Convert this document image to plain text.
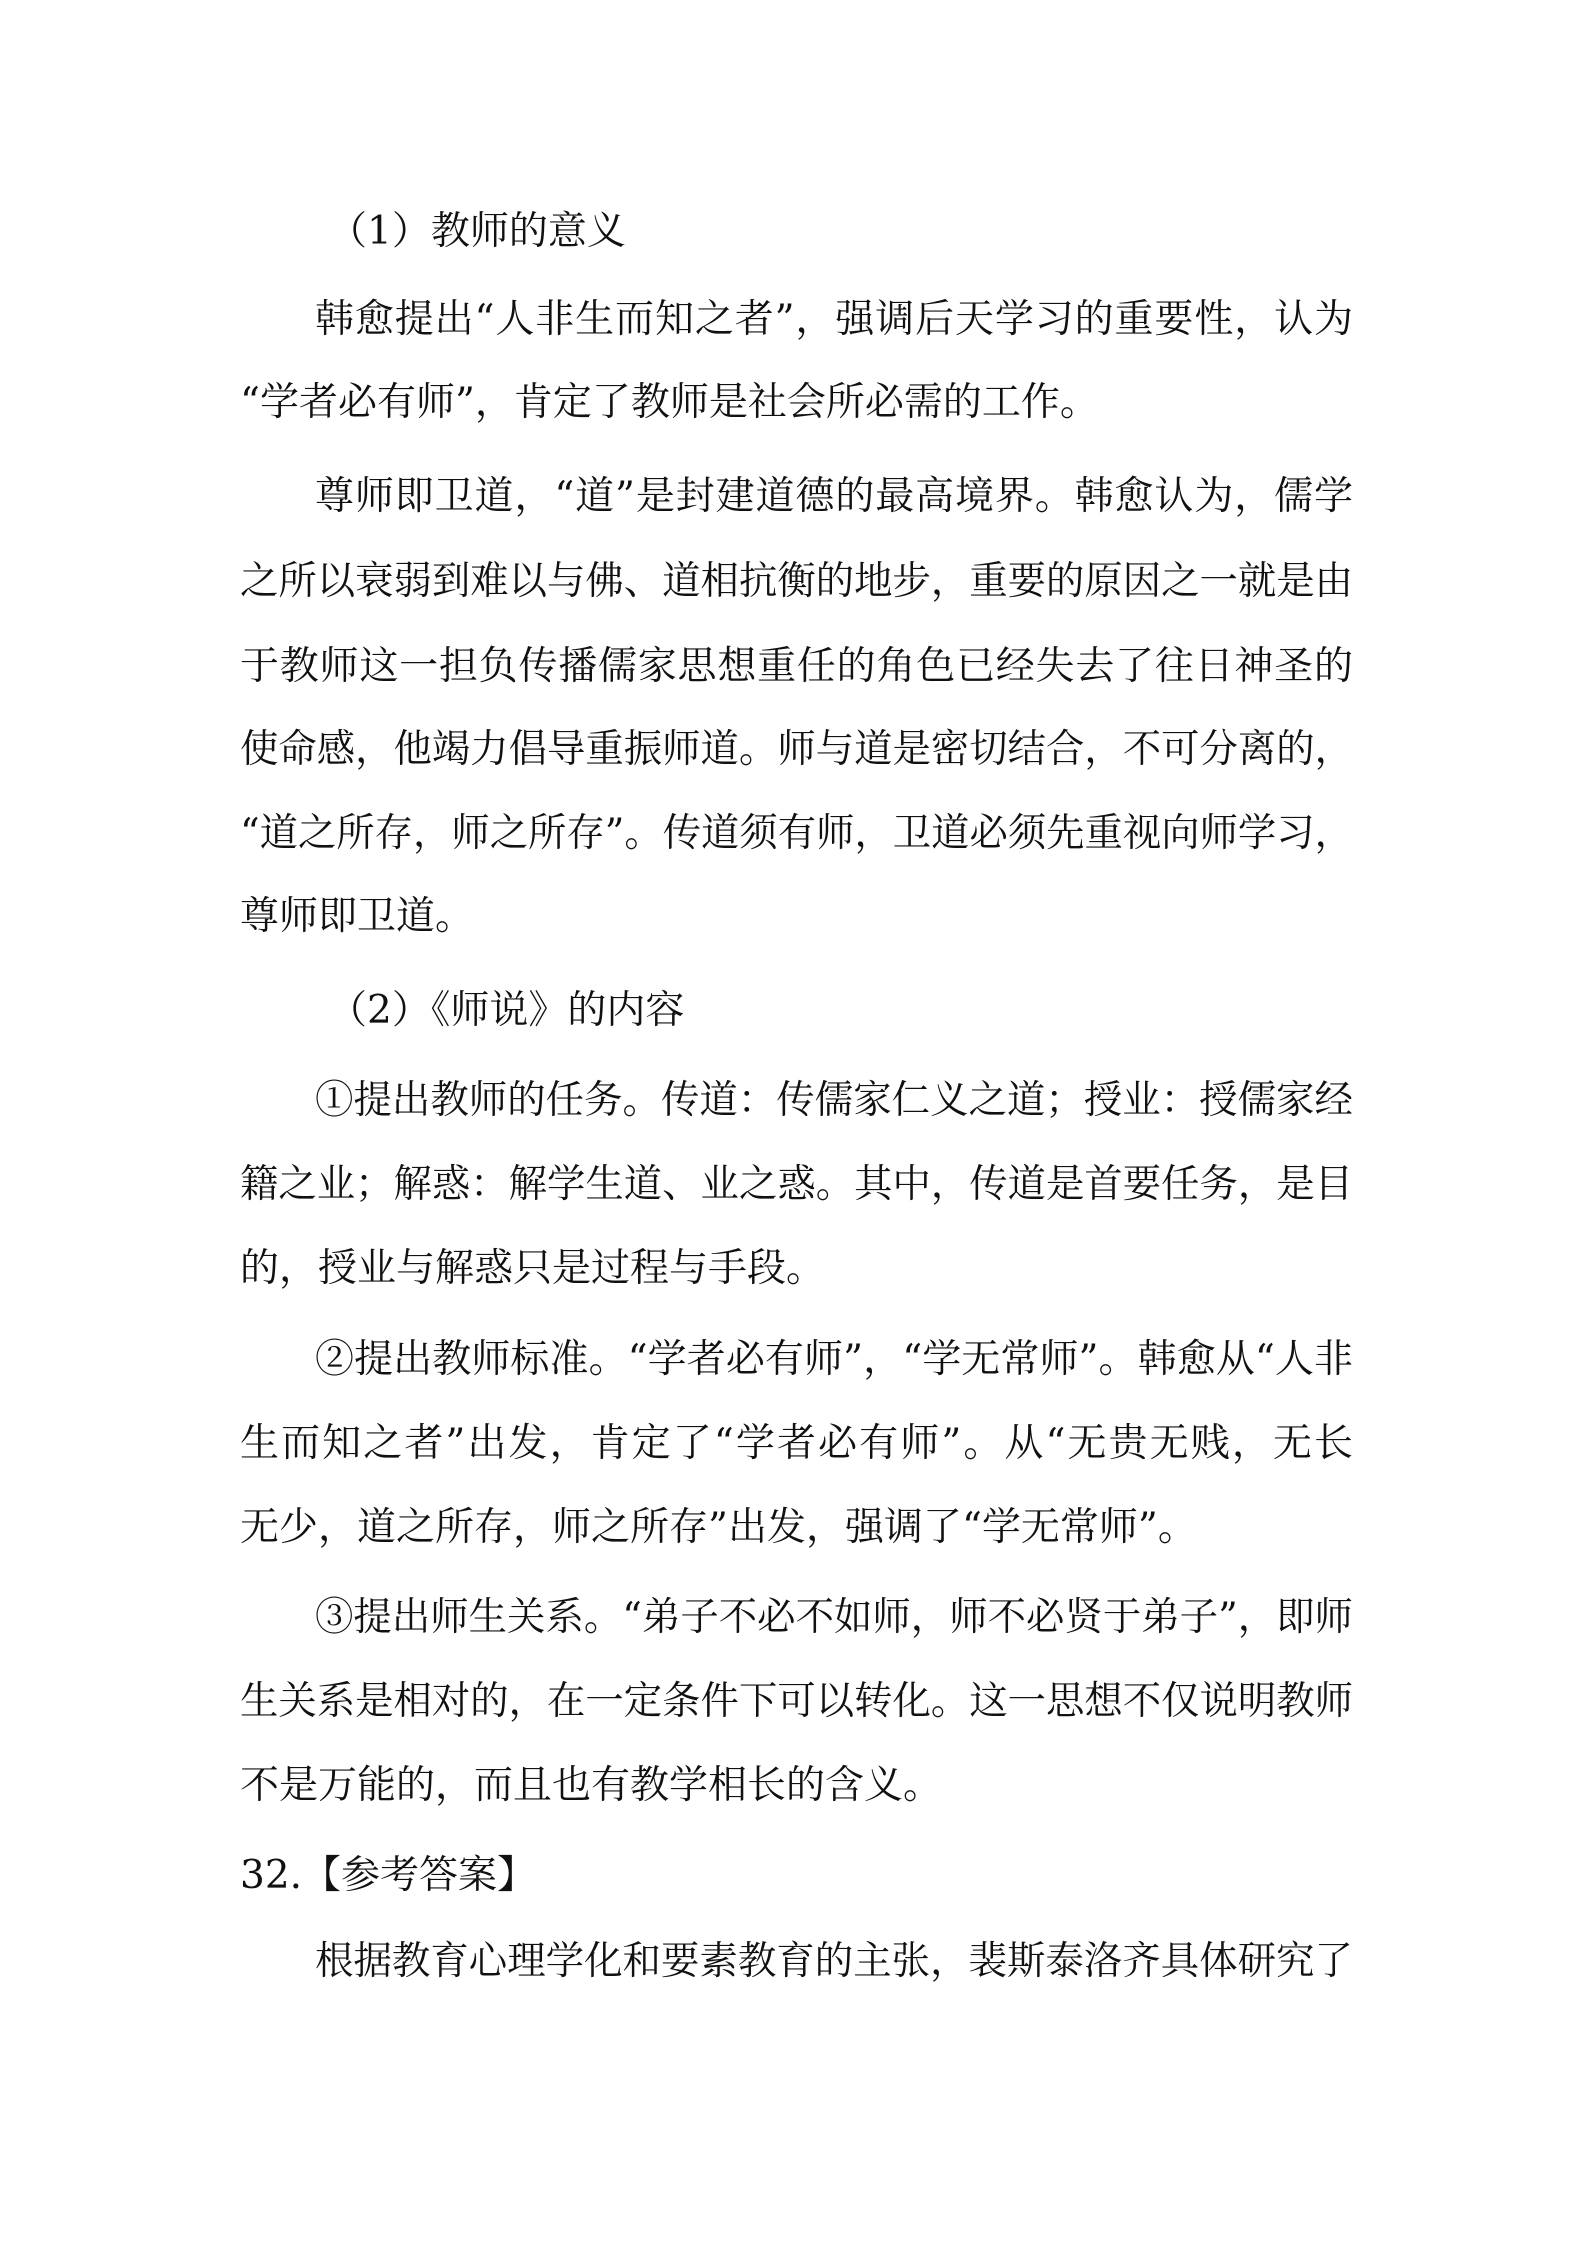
（1）教师的意义
韩愈提出“人非生而知之者”，强调后天学习的重要性，认为
“学者必有师”，肯定了教师是社会所必需的工作。
尊师即卫道，“道”是封建道德的最高境界。韩愈认为，儒学
之所以衰弱到难以与佛、道相抗衡的地步，重要的原因之一就是由
于教师这一担负传播儒家思想重任的角色已经失去了往日神圣的
使命感，他竭力倡导重振师道。师与道是密切结合，不可分离的，
“道之所存，师之所存”。传道须有师，卫道必须先重视向师学习，
尊师即卫道。
（2）《师说》的内容
①提出教师的任务。传道：传儒家仁义之道；授业：授儒家经
籍之业；解惑：解学生道、业之惑。其中，传道是首要任务，是目
的，授业与解惑只是过程与手段。
②提出教师标准。“学者必有师”，“学无常师”。韩愈从“人非
生而知之者”出发，肯定了“学者必有师”。从“无贵无贱，无长
无少，道之所存，师之所存”出发，强调了“学无常师”。
③提出师生关系。“弟子不必不如师，师不必贤于弟子”，即师
生关系是相对的，在一定条件下可以转化。这一思想不仅说明教师
不是万能的，而且也有教学相长的含义。
32.【参考答案】
根据教育心理学化和要素教育的主张，裴斯泰洛齐具体研究了
